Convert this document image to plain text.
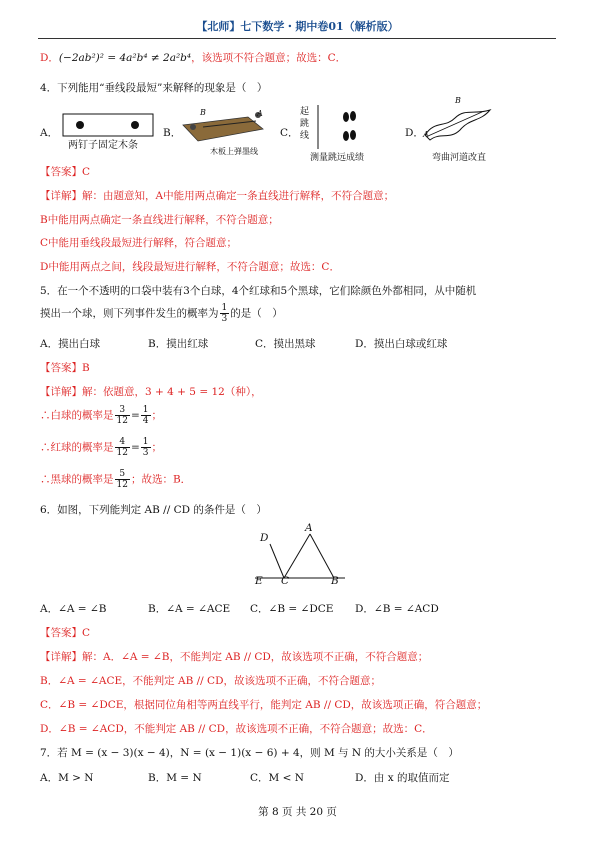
【北师】七下数学・期中卷01（解析版）
D．(−2ab²)² = 4a²b⁴ ≠ 2a²b⁴，该选项不符合题意；故选：C．
4．下列能用“垂线段最短”来解释的现象是（　）
A．
两钉子固定木条
B．
B	A
木板上弹墨线
C．
起
跳
线
测量跳远成绩
D．
B
A
弯曲河道改直
【答案】C
【详解】解：由题意知，A中能用两点确定一条直线进行解释，不符合题意；
B中能用两点确定一条直线进行解释，不符合题意；
C中能用垂线段最短进行解释，符合题意；
D中能用两点之间，线段最短进行解释，不符合题意；故选：C．
5．在一个不透明的口袋中装有3个白球，4个红球和5个黑球，它们除颜色外都相同，从中随机
摸出一个球，则下列事件发生的概率为 $\frac{1}{3}$ 的是（　）
A．摸出白球	B．摸出红球	C．摸出黑球	D．摸出白球或红球
【答案】B
【详解】解：依题意，3 + 4 + 5 = 12（种），
∴白球的概率是 $\frac{3}{12} = \frac{1}{4}$ ；
∴红球的概率是 $\frac{4}{12} = \frac{1}{3}$ ；
∴黑球的概率是 $\frac{5}{12}$ ；故选：B．
6．如图，下列能判定 AB // CD 的条件是（　）
D
A
E C	B
A．∠A = ∠B	B．∠A = ∠ACE C．∠B = ∠DCE D．∠B = ∠ACD
【答案】C
【详解】解：A．∠A = ∠B，不能判定 AB // CD，故该选项不正确，不符合题意；
B．∠A = ∠ACE，不能判定 AB // CD，故该选项不正确，不符合题意；
C．∠B = ∠DCE，根据同位角相等两直线平行，能判定 AB // CD，故该选项正确，符合题意；
D．∠B = ∠ACD，不能判定 AB // CD，故该选项不正确，不符合题意；故选：C．
7．若 M = (x − 3)(x − 4)，N = (x − 1)(x − 6) + 4，则 M 与 N 的大小关系是（　）
A．M > N	B．M = N	C．M < N	D．由 x 的取值而定
第 8 页 共 20 页
